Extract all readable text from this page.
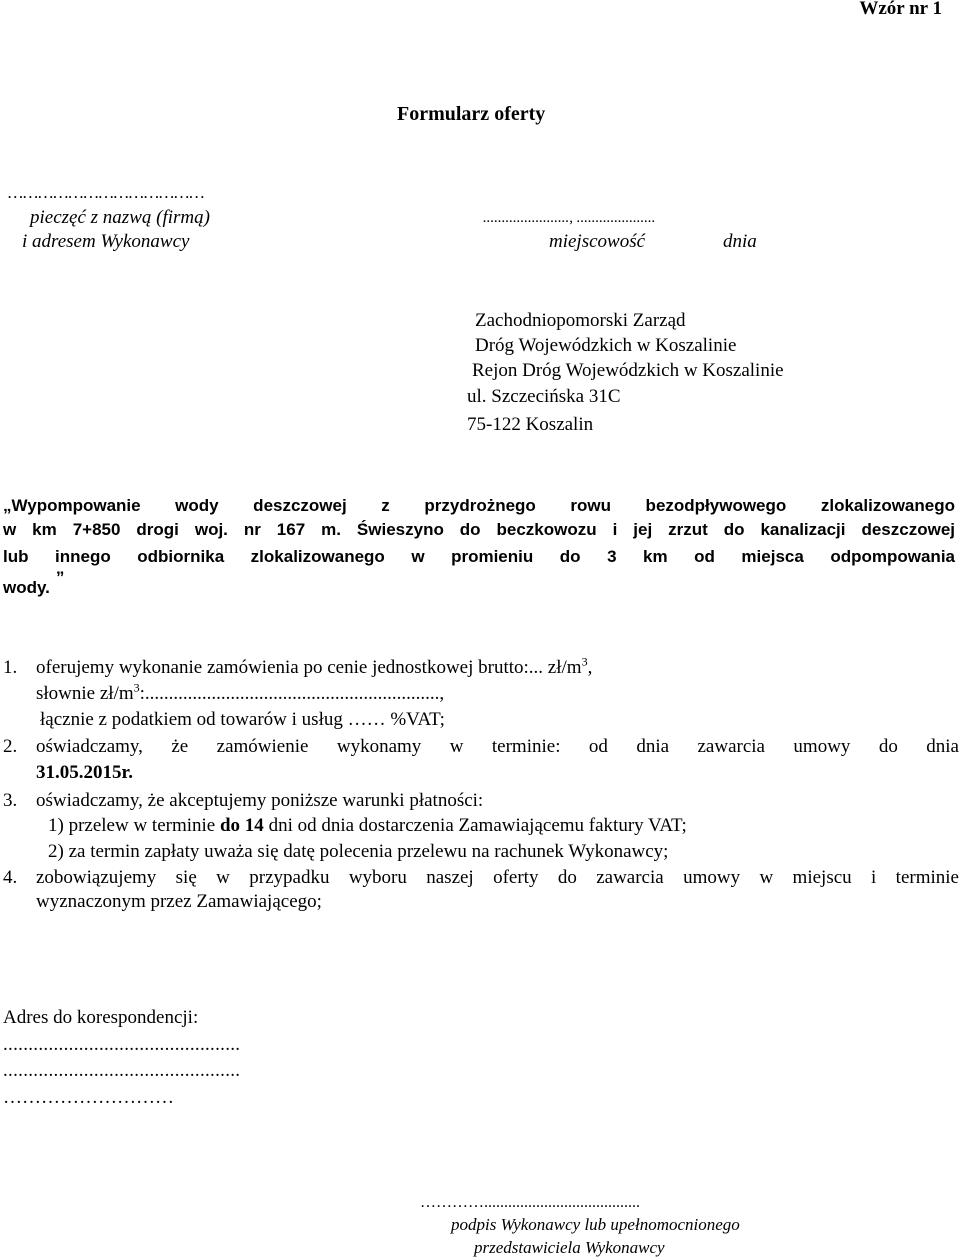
Wzór nr 1
Formularz oferty
…………………………………
pieczęć z nazwą (firmą)
i adresem Wykonawcy
......................., .....................
miejscowość	dnia
Zachodniopomorski Zarząd
Dróg Wojewódzkich w Koszalinie
Rejon Dróg Wojewódzkich w Koszalinie
ul. Szczecińska 31C
75-122 Koszalin
„Wypompowanie wody deszczowej z przydrożnego rowu bezodpływowego zlokalizowanego
w km 7+850 drogi woj. nr 167 m. Świeszyno do beczkowozu i jej zrzut do kanalizacji deszczowej
lub innego odbiornika zlokalizowanego w promieniu do 3 km od miejsca odpompowania
wody.”
1. oferujemy wykonanie zamówienia po cenie jednostkowej brutto:... $zł/m^3$,
słownie $zł/m^3$:..............................................................,
łącznie z podatkiem od towarów i usług …… %VAT;
2. oświadczamy, że zamówienie wykonamy w terminie: od dnia zawarcia umowy do dnia
31.05.2015r.
3. oświadczamy, że akceptujemy poniższe warunki płatności:
1) przelew w terminie do 14 dni od dnia dostarczenia Zamawiającemu faktury VAT;
2) za termin zapłaty uważa się datę polecenia przelewu na rachunek Wykonawcy;
4. zobowiązujemy się w przypadku wyboru naszej oferty do zawarcia umowy w miejscu i terminie
wyznaczonym przez Zamawiającego;
Adres do korespondencji:
...............................................
...............................................
………………………
………….......................................
podpis Wykonawcy lub upełnomocnionego
przedstawiciela Wykonawcy
